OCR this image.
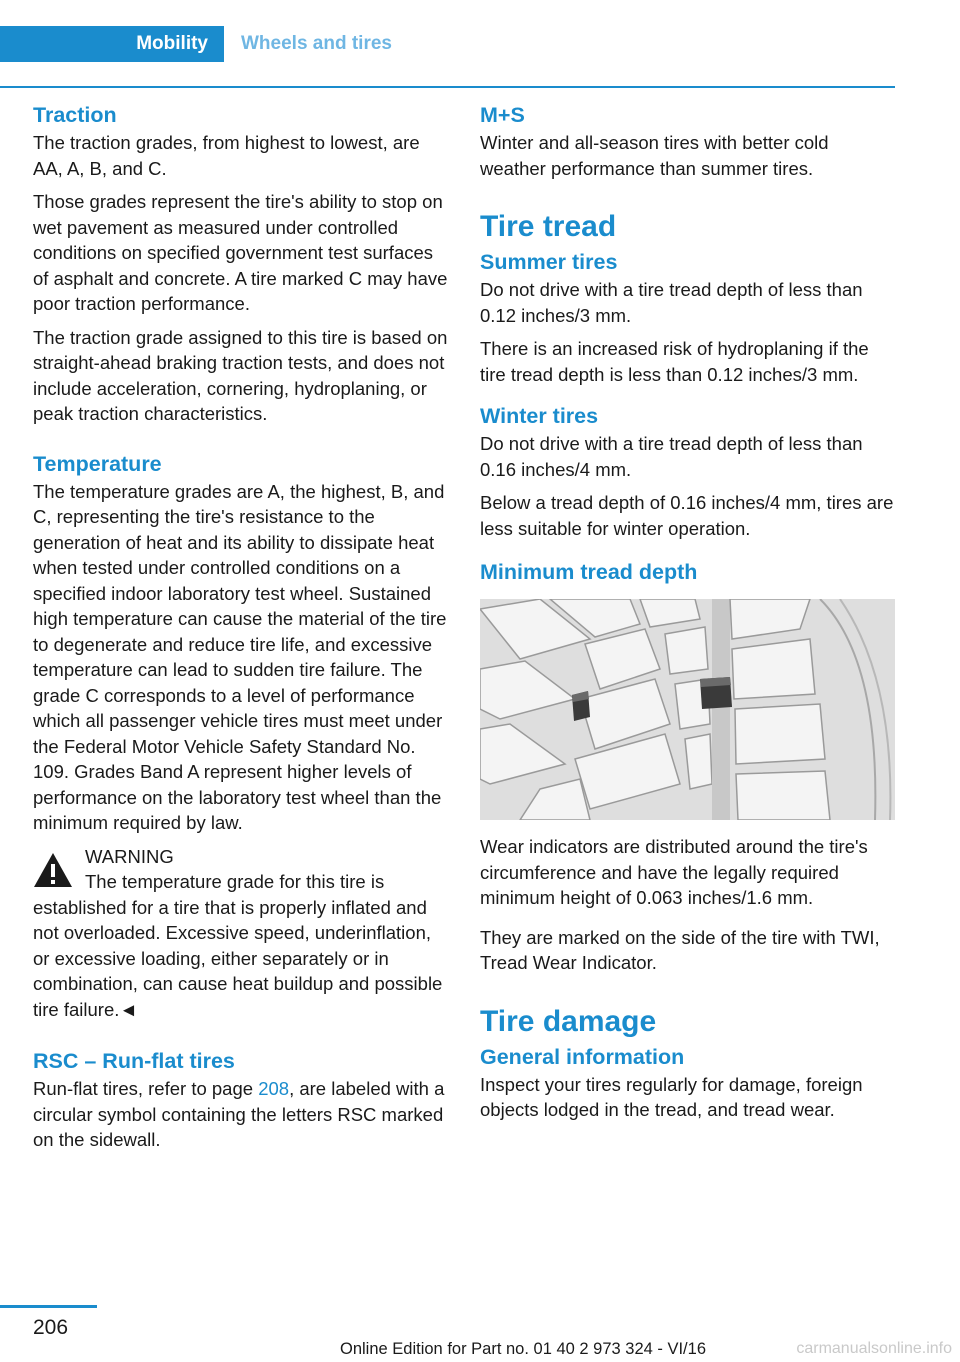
Mobility	Wheels and tires
Traction

The traction grades, from highest to lowest, are AA, A, B, and C.

Those grades represent the tire's ability to stop on wet pavement as measured under controlled conditions on specified government test surfaces of asphalt and concrete. A tire marked C may have poor traction performance.

The traction grade assigned to this tire is based on straight-ahead braking traction tests, and does not include acceleration, cornering, hydroplaning, or peak traction characteristics.

Temperature

The temperature grades are A, the highest, B, and C, representing the tire's resistance to the generation of heat and its ability to dissipate heat when tested under controlled conditions on a specified indoor laboratory test wheel. Sustained high temperature can cause the material of the tire to degenerate and reduce tire life, and excessive temperature can lead to sudden tire failure. The grade C corresponds to a level of performance which all passenger vehicle tires must meet under the Federal Motor Vehicle Safety Standard No. 109. Grades Band A represent higher levels of performance on the laboratory test wheel than the minimum required by law.

WARNING

The temperature grade for this tire is established for a tire that is properly inflated and not overloaded. Excessive speed, underinflation, or excessive loading, either separately or in combination, can cause heat buildup and possible tire failure.◄

RSC – Run-flat tires

Run-flat tires, refer to page 208, are labeled with a circular symbol containing the letters RSC marked on the sidewall.

M+S

Winter and all-season tires with better cold weather performance than summer tires.

Tire tread
Summer tires

Do not drive with a tire tread depth of less than 0.12 inches/3 mm.

There is an increased risk of hydroplaning if the tire tread depth is less than 0.12 inches/3 mm.

Winter tires

Do not drive with a tire tread depth of less than 0.16 inches/4 mm.

Below a tread depth of 0.16 inches/4 mm, tires are less suitable for winter operation.

Minimum tread depth

Wear indicators are distributed around the tire's circumference and have the legally required minimum height of 0.063 inches/1.6 mm.

They are marked on the side of the tire with TWI, Tread Wear Indicator.

Tire damage
General information

Inspect your tires regularly for damage, foreign objects lodged in the tread, and tread wear.

206
Online Edition for Part no. 01 40 2 973 324 - VI/16	carmanualsonline.info
